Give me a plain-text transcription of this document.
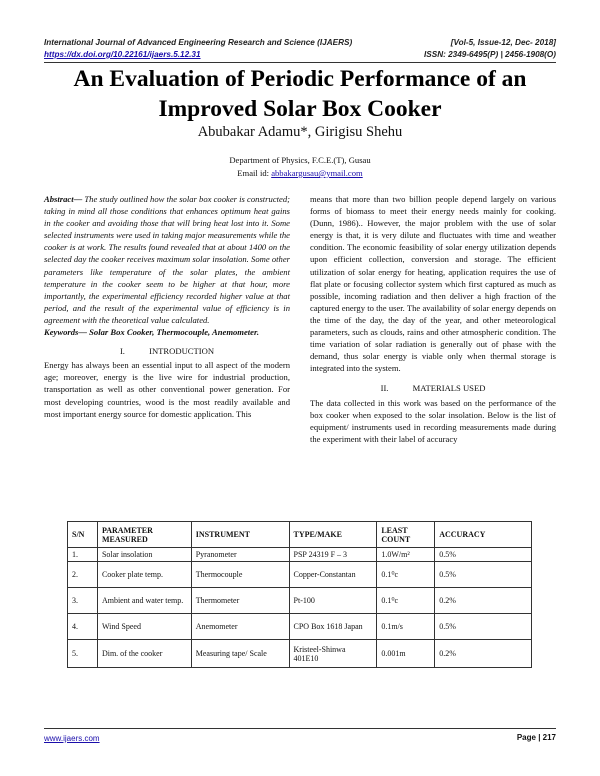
International Journal of Advanced Engineering Research and Science (IJAERS)
https://dx.doi.org/10.22161/ijaers.5.12.31
[Vol-5, Issue-12, Dec- 2018]
ISSN: 2349-6495(P) | 2456-1908(O)
An Evaluation of Periodic Performance of an
Improved Solar Box Cooker
Abubakar Adamu*, Girigisu Shehu
Department of Physics, F.C.E.(T), Gusau
Email id: abbakargusau@ymail.com
Abstract— The study outlined how the solar box cooker is constructed; taking in mind all those conditions that enhances optimum heat gains in the cooker and avoiding those that will bring heat lost into it. Some selected instruments were used in taking major measurements while the cooker is at work. The results found revealed that at about 1400 on the selected day the cooker receives maximum solar insolation. Some other parameters like temperature of the solar plates, the ambient temperature in the cooker seem to be higher at that hour, more importantly, the experimental efficiency recorded higher value at that period, and the result of the experimental value of efficiency is in agreement with the theoretical value calculated.
Keywords— Solar Box Cooker, Thermocouple, Anemometer.
I.	INTRODUCTION
Energy has always been an essential input to all aspect of the modern age; moreover, energy is the live wire for industrial production, transportation as well as other conventional power generation. For most developing countries, wood is the most readily available and most important energy source for domestic application. This
means that more than two billion people depend largely on various forms of biomass to meet their energy needs mainly for cooking. (Dunn, 1986).. However, the major problem with the use of solar energy is that, it is very dilute and fluctuates with time and weather condition. The economic feasibility of solar energy utilization depends upon efficient collection, conversion and storage. The efficient utilization of solar energy for heating, application requires the use of flat plate or focusing collector system which first captured as much as possible, incoming radiation and then deliver a high fraction of the captured energy to the user. The availability of solar energy depends on the time of the day, the day of the year, and other meteorological parameters, such as clouds, rains and other atmospheric condition. The time variation of solar radiation is generally out of phase with the demand, thus solar energy is viable only when thermal storage is integrated into the system.
II.	MATERIALS USED
The data collected in this work was based on the performance of the box cooker when exposed to the solar insolation. Below is the list of equipment/ instruments used in recording measurements made during the experiment with their label of accuracy
S/N	PARAMETER MEASURED	INSTRUMENT	TYPE/MAKE	LEAST COUNT	ACCURACY
1.	Solar insolation	Pyranometer	PSP 24319 F – 3	1.0W/m²	0.5%
2.	Cooker plate temp.	Thermocouple	Copper-Constantan	0.1⁰c	0.5%
3.	Ambient and water temp.	Thermometer	Pt-100	0.1⁰c	0.2%
4.	Wind Speed	Anemometer	CPO Box 1618 Japan	0.1m/s	0.5%
5.	Dim. of the cooker	Measuring tape/ Scale	Kristeel-Shinwa 401E10	0.001m	0.2%
www.ijaers.com	Page | 217
